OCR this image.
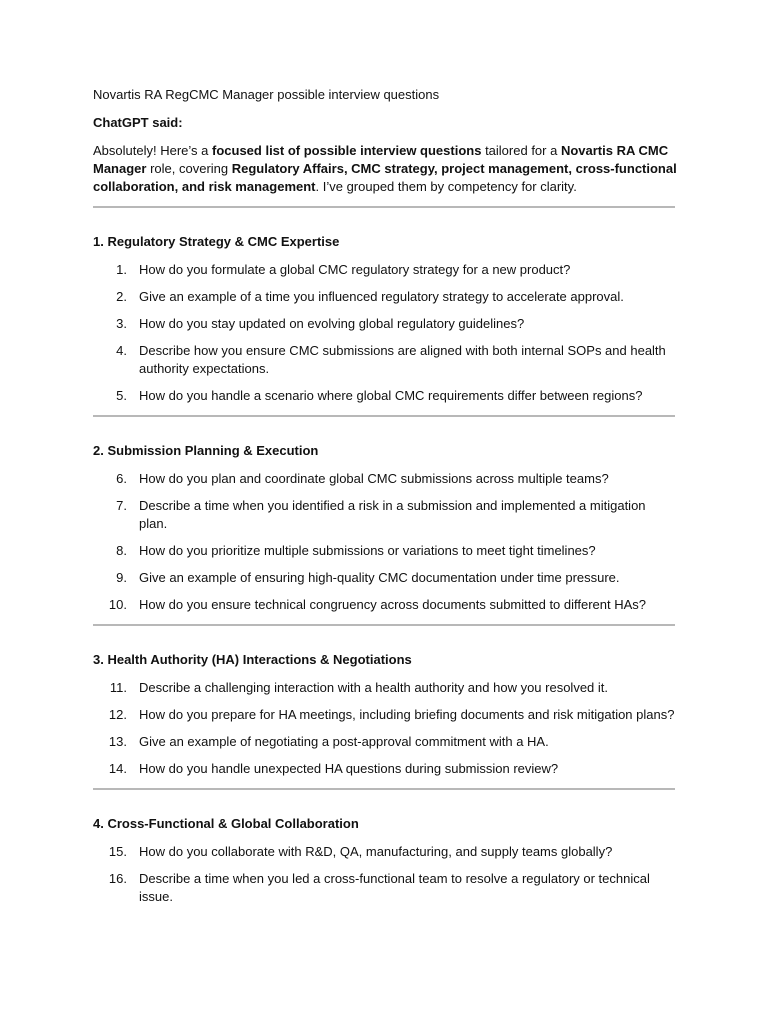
Novartis RA RegCMC Manager possible interview questions

ChatGPT said:

Absolutely! Here’s a focused list of possible interview questions tailored for a Novartis RA CMC Manager role, covering Regulatory Affairs, CMC strategy, project management, cross-functional collaboration, and risk management. I’ve grouped them by competency for clarity.

1. Regulatory Strategy & CMC Expertise

1. How do you formulate a global CMC regulatory strategy for a new product?
2. Give an example of a time you influenced regulatory strategy to accelerate approval.
3. How do you stay updated on evolving global regulatory guidelines?
4. Describe how you ensure CMC submissions are aligned with both internal SOPs and health authority expectations.
5. How do you handle a scenario where global CMC requirements differ between regions?

2. Submission Planning & Execution

6. How do you plan and coordinate global CMC submissions across multiple teams?
7. Describe a time when you identified a risk in a submission and implemented a mitigation plan.
8. How do you prioritize multiple submissions or variations to meet tight timelines?
9. Give an example of ensuring high-quality CMC documentation under time pressure.
10. How do you ensure technical congruency across documents submitted to different HAs?

3. Health Authority (HA) Interactions & Negotiations

11. Describe a challenging interaction with a health authority and how you resolved it.
12. How do you prepare for HA meetings, including briefing documents and risk mitigation plans?
13. Give an example of negotiating a post-approval commitment with a HA.
14. How do you handle unexpected HA questions during submission review?

4. Cross-Functional & Global Collaboration

15. How do you collaborate with R&D, QA, manufacturing, and supply teams globally?
16. Describe a time when you led a cross-functional team to resolve a regulatory or technical issue.
